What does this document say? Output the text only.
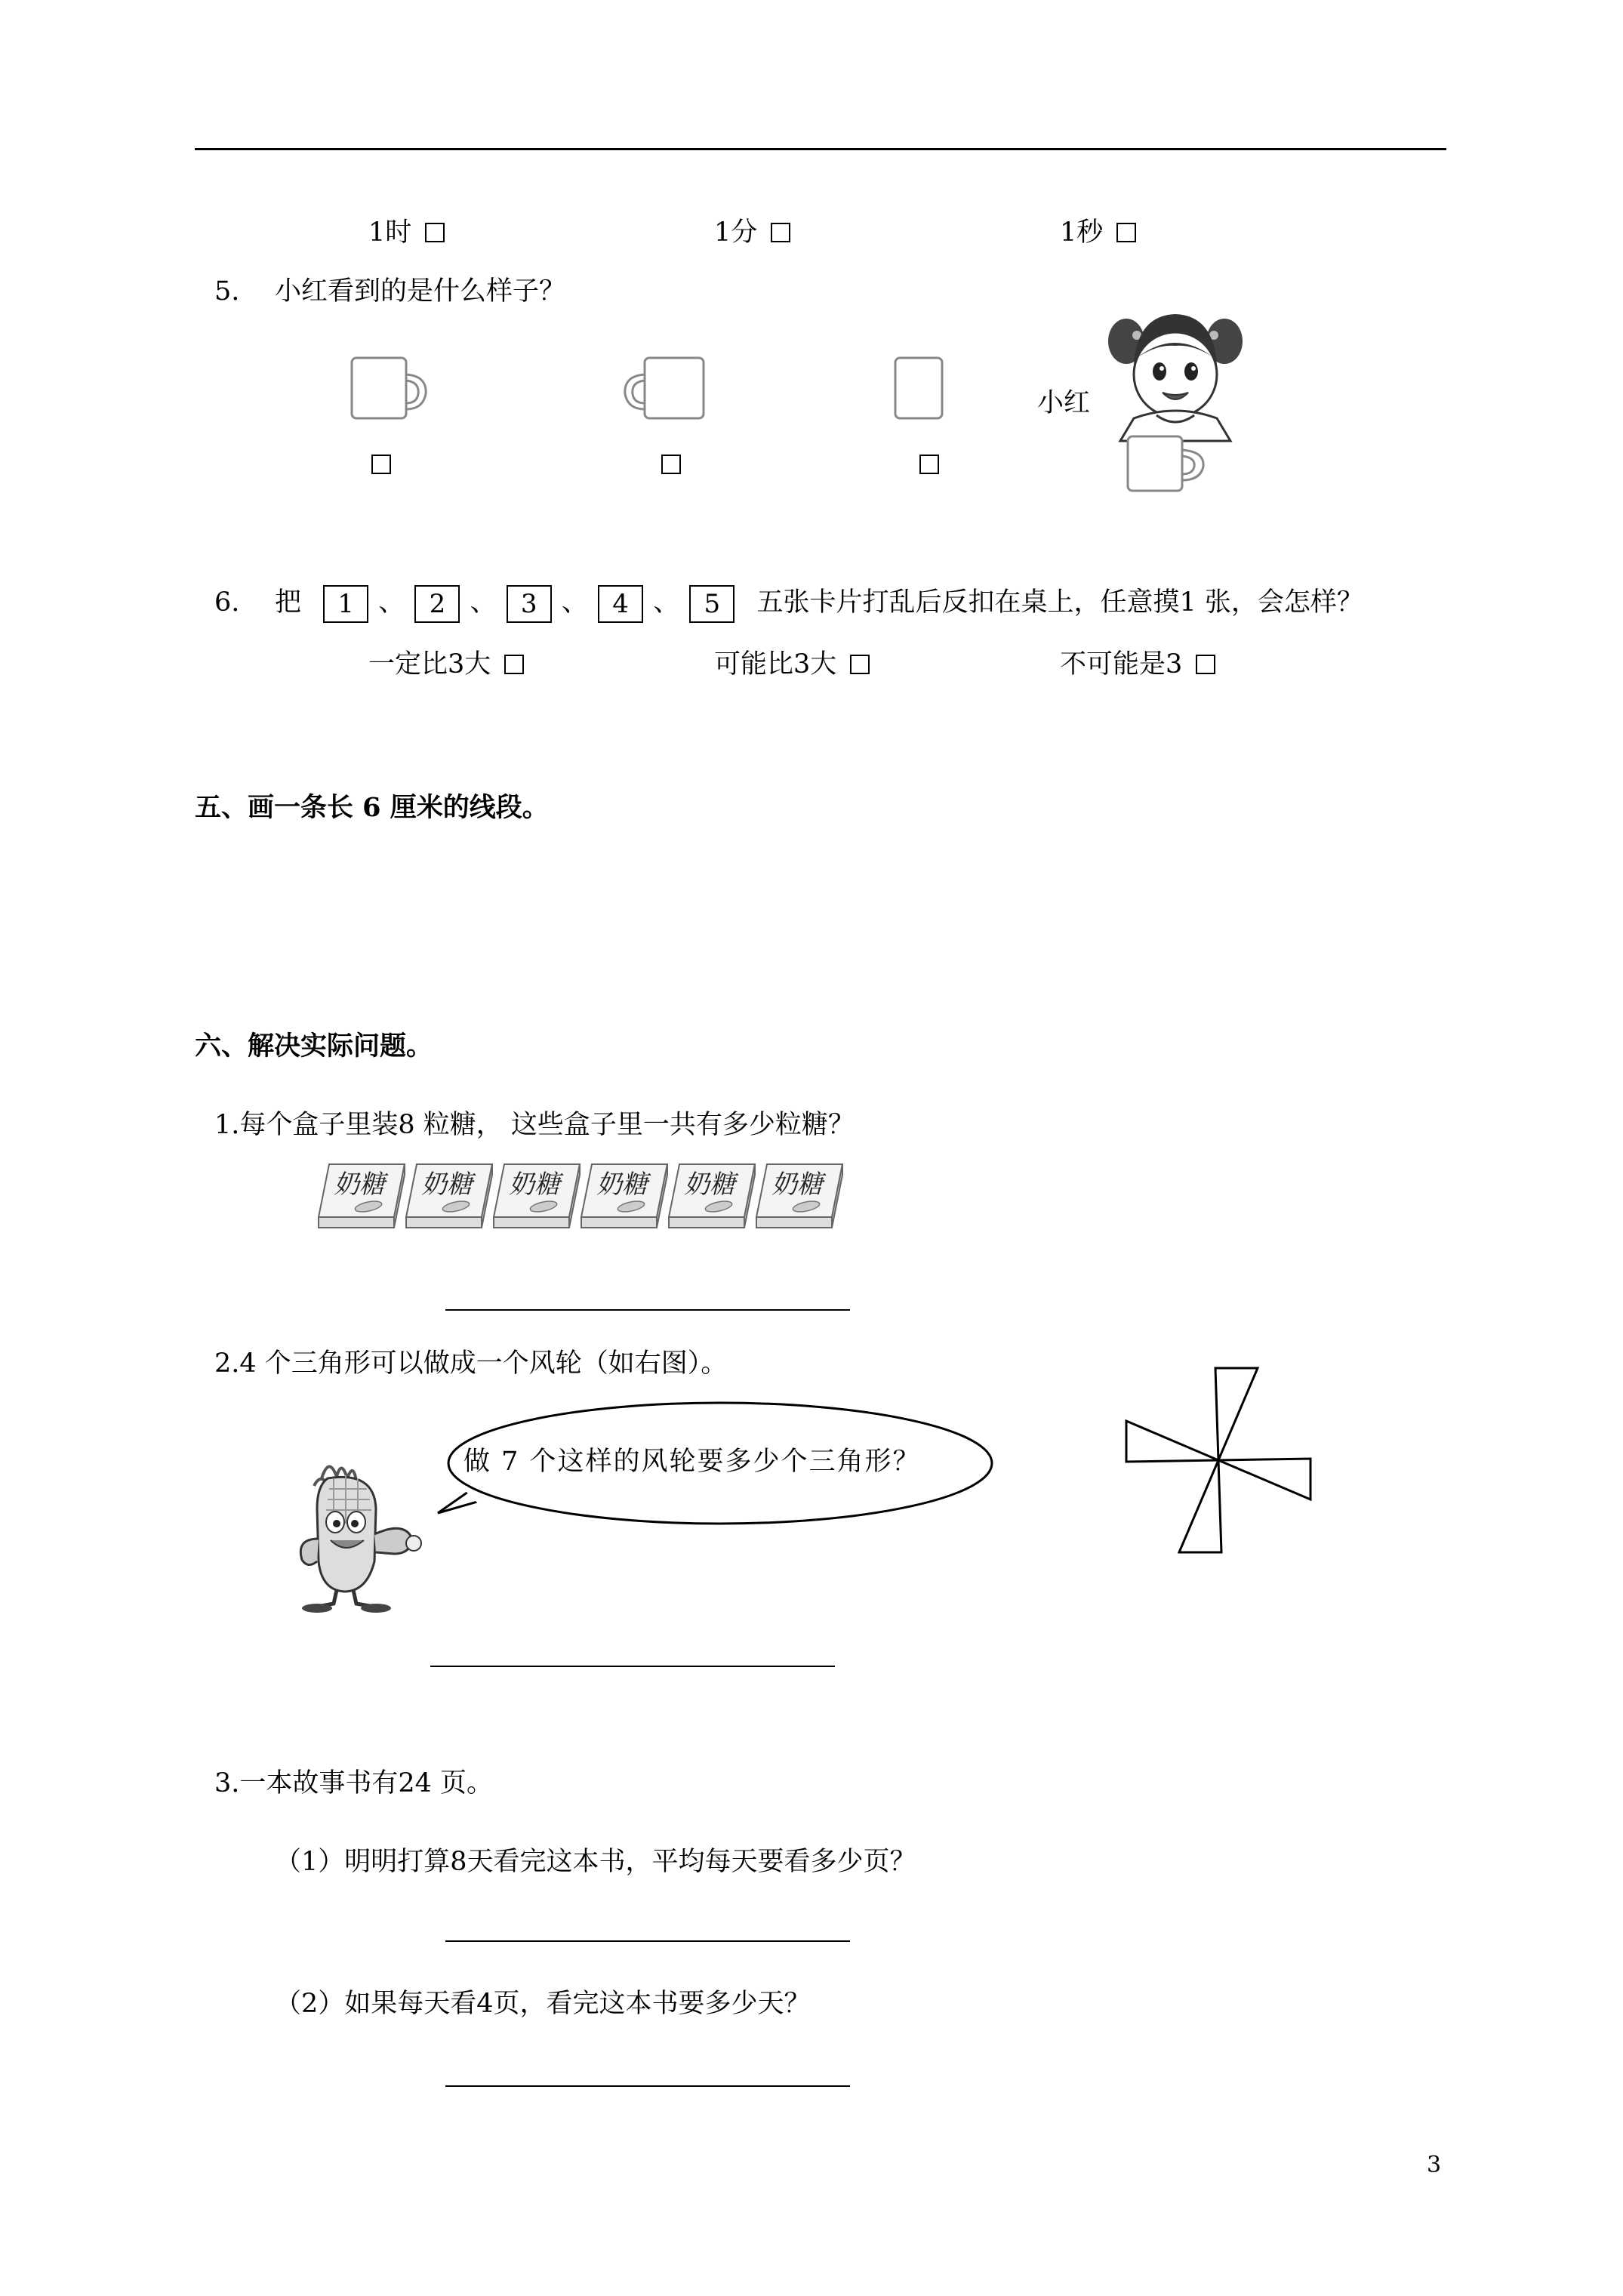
1时	1分	1秒
5. 小红看到的是什么样子？
小红
6. 把 1 、 2 、 3 、 4 、 5 五张卡片打乱后反扣在桌上，任意摸1 张，会怎样？
一定比3大	可能比3大	不可能是3
五、画一条长 6 厘米的线段。
六、解决实际问题。
1.每个盒子里装8 粒糖， 这些盒子里一共有多少粒糖？
奶糖 奶糖 奶糖 奶糖 奶糖 奶糖
2.4 个三角形可以做成一个风轮（如右图）。
做 7 个这样的风轮要多少个三角形？
3.一本故事书有24 页。
（1）明明打算8天看完这本书，平均每天要看多少页？
（2）如果每天看4页，看完这本书要多少天？
3
